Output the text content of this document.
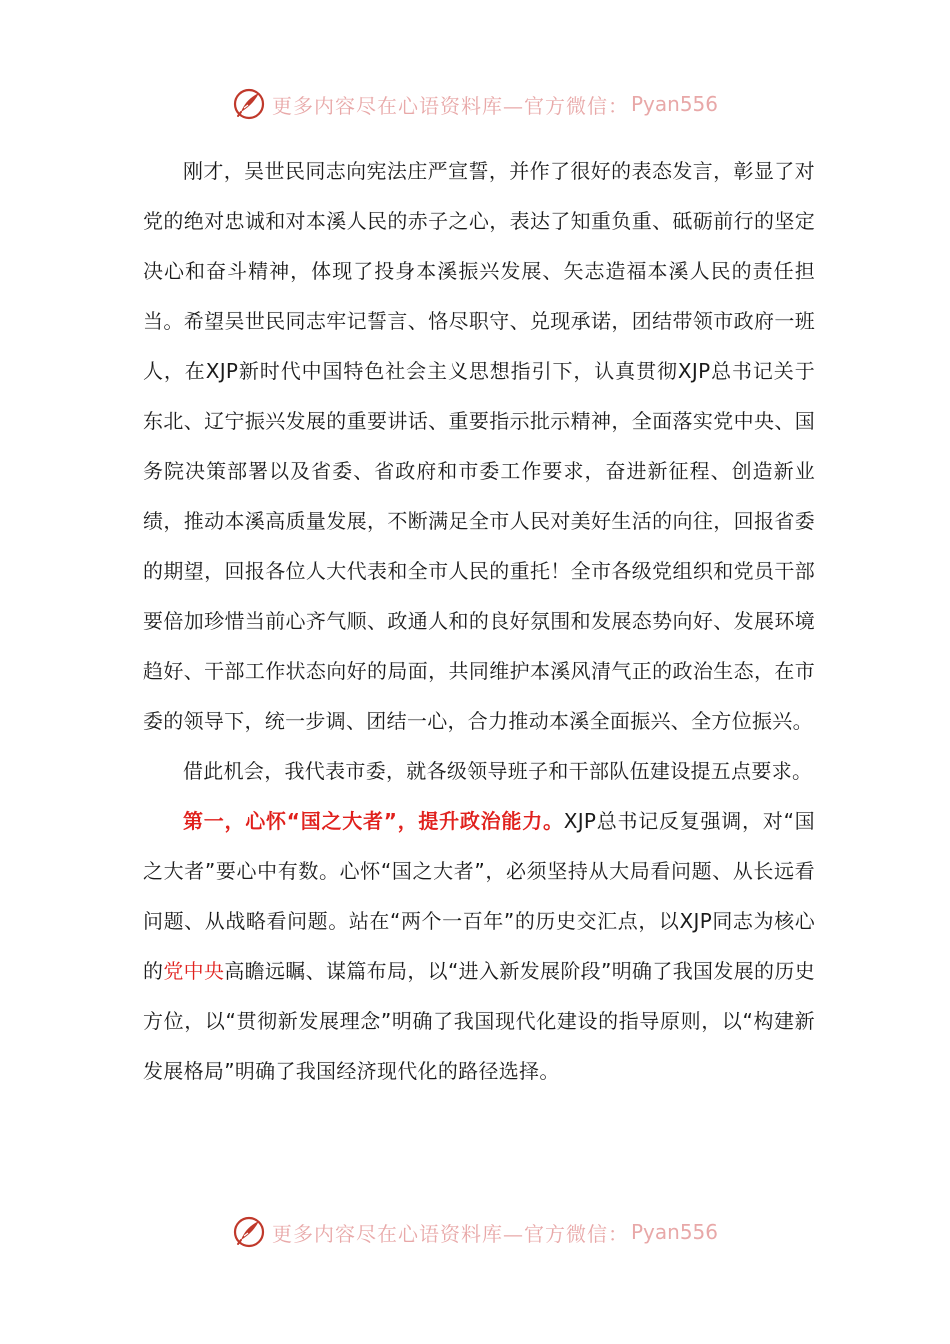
更多内容尽在心语资料库—官方微信： Pyan556

刚才，吴世民同志向宪法庄严宣誓，并作了很好的表态发言，彰显了对党的绝对忠诚和对本溪人民的赤子之心，表达了知重负重、砥砺前行的坚定决心和奋斗精神，体现了投身本溪振兴发展、矢志造福本溪人民的责任担当。希望吴世民同志牢记誓言、恪尽职守、兑现承诺，团结带领市政府一班人，在XJP新时代中国特色社会主义思想指引下，认真贯彻XJP总书记关于东北、辽宁振兴发展的重要讲话、重要指示批示精神，全面落实党中央、国务院决策部署以及省委、省政府和市委工作要求，奋进新征程、创造新业绩，推动本溪高质量发展，不断满足全市人民对美好生活的向往，回报省委的期望，回报各位人大代表和全市人民的重托！全市各级党组织和党员干部要倍加珍惜当前心齐气顺、政通人和的良好氛围和发展态势向好、发展环境趋好、干部工作状态向好的局面，共同维护本溪风清气正的政治生态，在市委的领导下，统一步调、团结一心，合力推动本溪全面振兴、全方位振兴。

借此机会，我代表市委，就各级领导班子和干部队伍建设提五点要求。

第一，心怀“国之大者”，提升政治能力。XJP总书记反复强调，对“国之大者”要心中有数。心怀“国之大者”，必须坚持从大局看问题、从长远看问题、从战略看问题。站在“两个一百年”的历史交汇点，以XJP同志为核心的党中央高瞻远瞩、谋篇布局，以“进入新发展阶段”明确了我国发展的历史方位，以“贯彻新发展理念”明确了我国现代化建设的指导原则，以“构建新发展格局”明确了我国经济现代化的路径选择。

更多内容尽在心语资料库—官方微信： Pyan556
